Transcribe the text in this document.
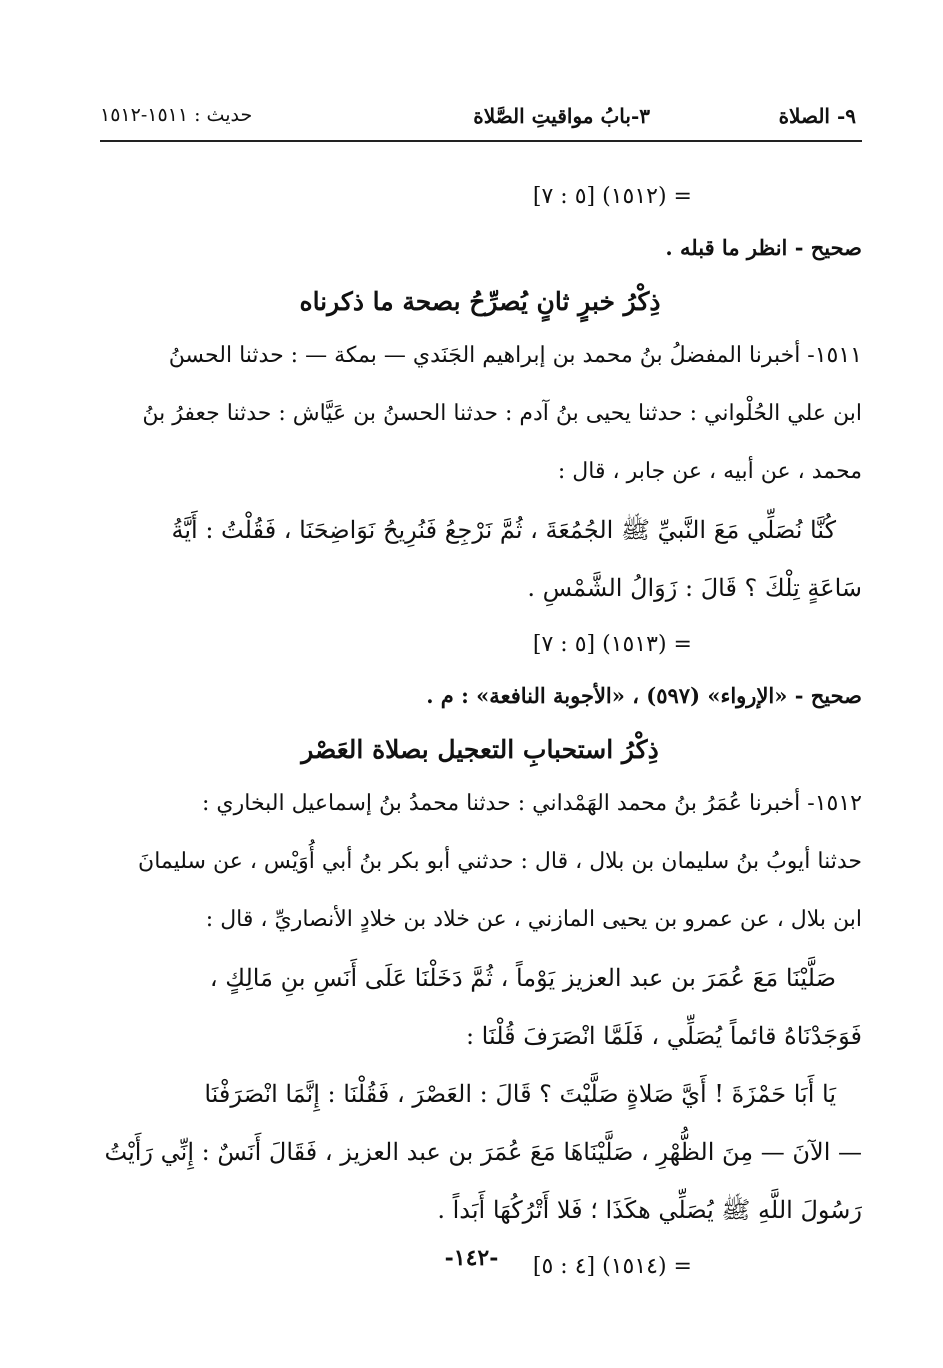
٩- الصلاة
٣-بابُ مواقيتِ الصَّلاة
حديث : ١٥١١-١٥١٢
= (١٥١٢) [٥ : ٧]
صحيح - انظر ما قبله .
ذِكْرُ خبرٍ ثانٍ يُصرِّحُ بصحة ما ذكرناه
١٥١١- أخبرنا المفضلُ بنُ محمد بن إبراهيم الجَنَدي — بمكة — : حدثنا الحسنُ
ابن علي الحُلْواني : حدثنا يحيى بنُ آدم : حدثنا الحسنُ بن عَيَّاش : حدثنا جعفرُ بنُ
محمد ، عن أبيه ، عن جابر ، قال :
كُنَّا نُصَلِّي مَعَ النَّبيِّ ﷺ الجُمُعَةَ ، ثُمَّ نَرْجِعُ فَنُرِيحُ نَوَاضِحَنَا ، فَقُلْتُ : أَيَّةُ
سَاعَةٍ تِلْكَ ؟ قَالَ : زَوَالُ الشَّمْسِ .
= (١٥١٣) [٥ : ٧]
صحيح - «الإرواء» (٥٩٧) ، «الأجوبة النافعة» : م .
ذِكْرُ استحبابِ التعجيل بصلاة العَصْر
١٥١٢- أخبرنا عُمَرُ بنُ محمد الهَمْداني : حدثنا محمدُ بنُ إسماعيل البخاري :
حدثنا أيوبُ بنُ سليمان بن بلال ، قال : حدثني أبو بكر بنُ أبي أُوَيْس ، عن سليمانَ
ابن بلال ، عن عمرو بن يحيى المازني ، عن خلاد بن خلادٍ الأنصاريِّ ، قال :
صَلَّيْنَا مَعَ عُمَرَ بن عبد العزيز يَوْماً ، ثُمَّ دَخَلْنَا عَلَى أَنَسِ بنِ مَالِكٍ ،
فَوَجَدْنَاهُ قائماً يُصَلِّي ، فَلَمَّا انْصَرَفَ قُلْنَا :
يَا أَبَا حَمْزَةَ ! أَيَّ صَلاةٍ صَلَّيْتَ ؟ قَالَ : العَصْرَ ، فَقُلْنَا : إِنَّمَا انْصَرَفْنَا
— الآنَ — مِنَ الظُّهْرِ ، صَلَّيْنَاهَا مَعَ عُمَرَ بن عبد العزيز ، فَقَالَ أَنَسٌ : إِنِّي رَأَيْتُ
رَسُولَ اللَّهِ ﷺ يُصَلِّي هكَذَا ؛ فَلا أَتْرُكُهَا أَبَداً .
= (١٥١٤) [٤ : ٥]
-١٤٢-
